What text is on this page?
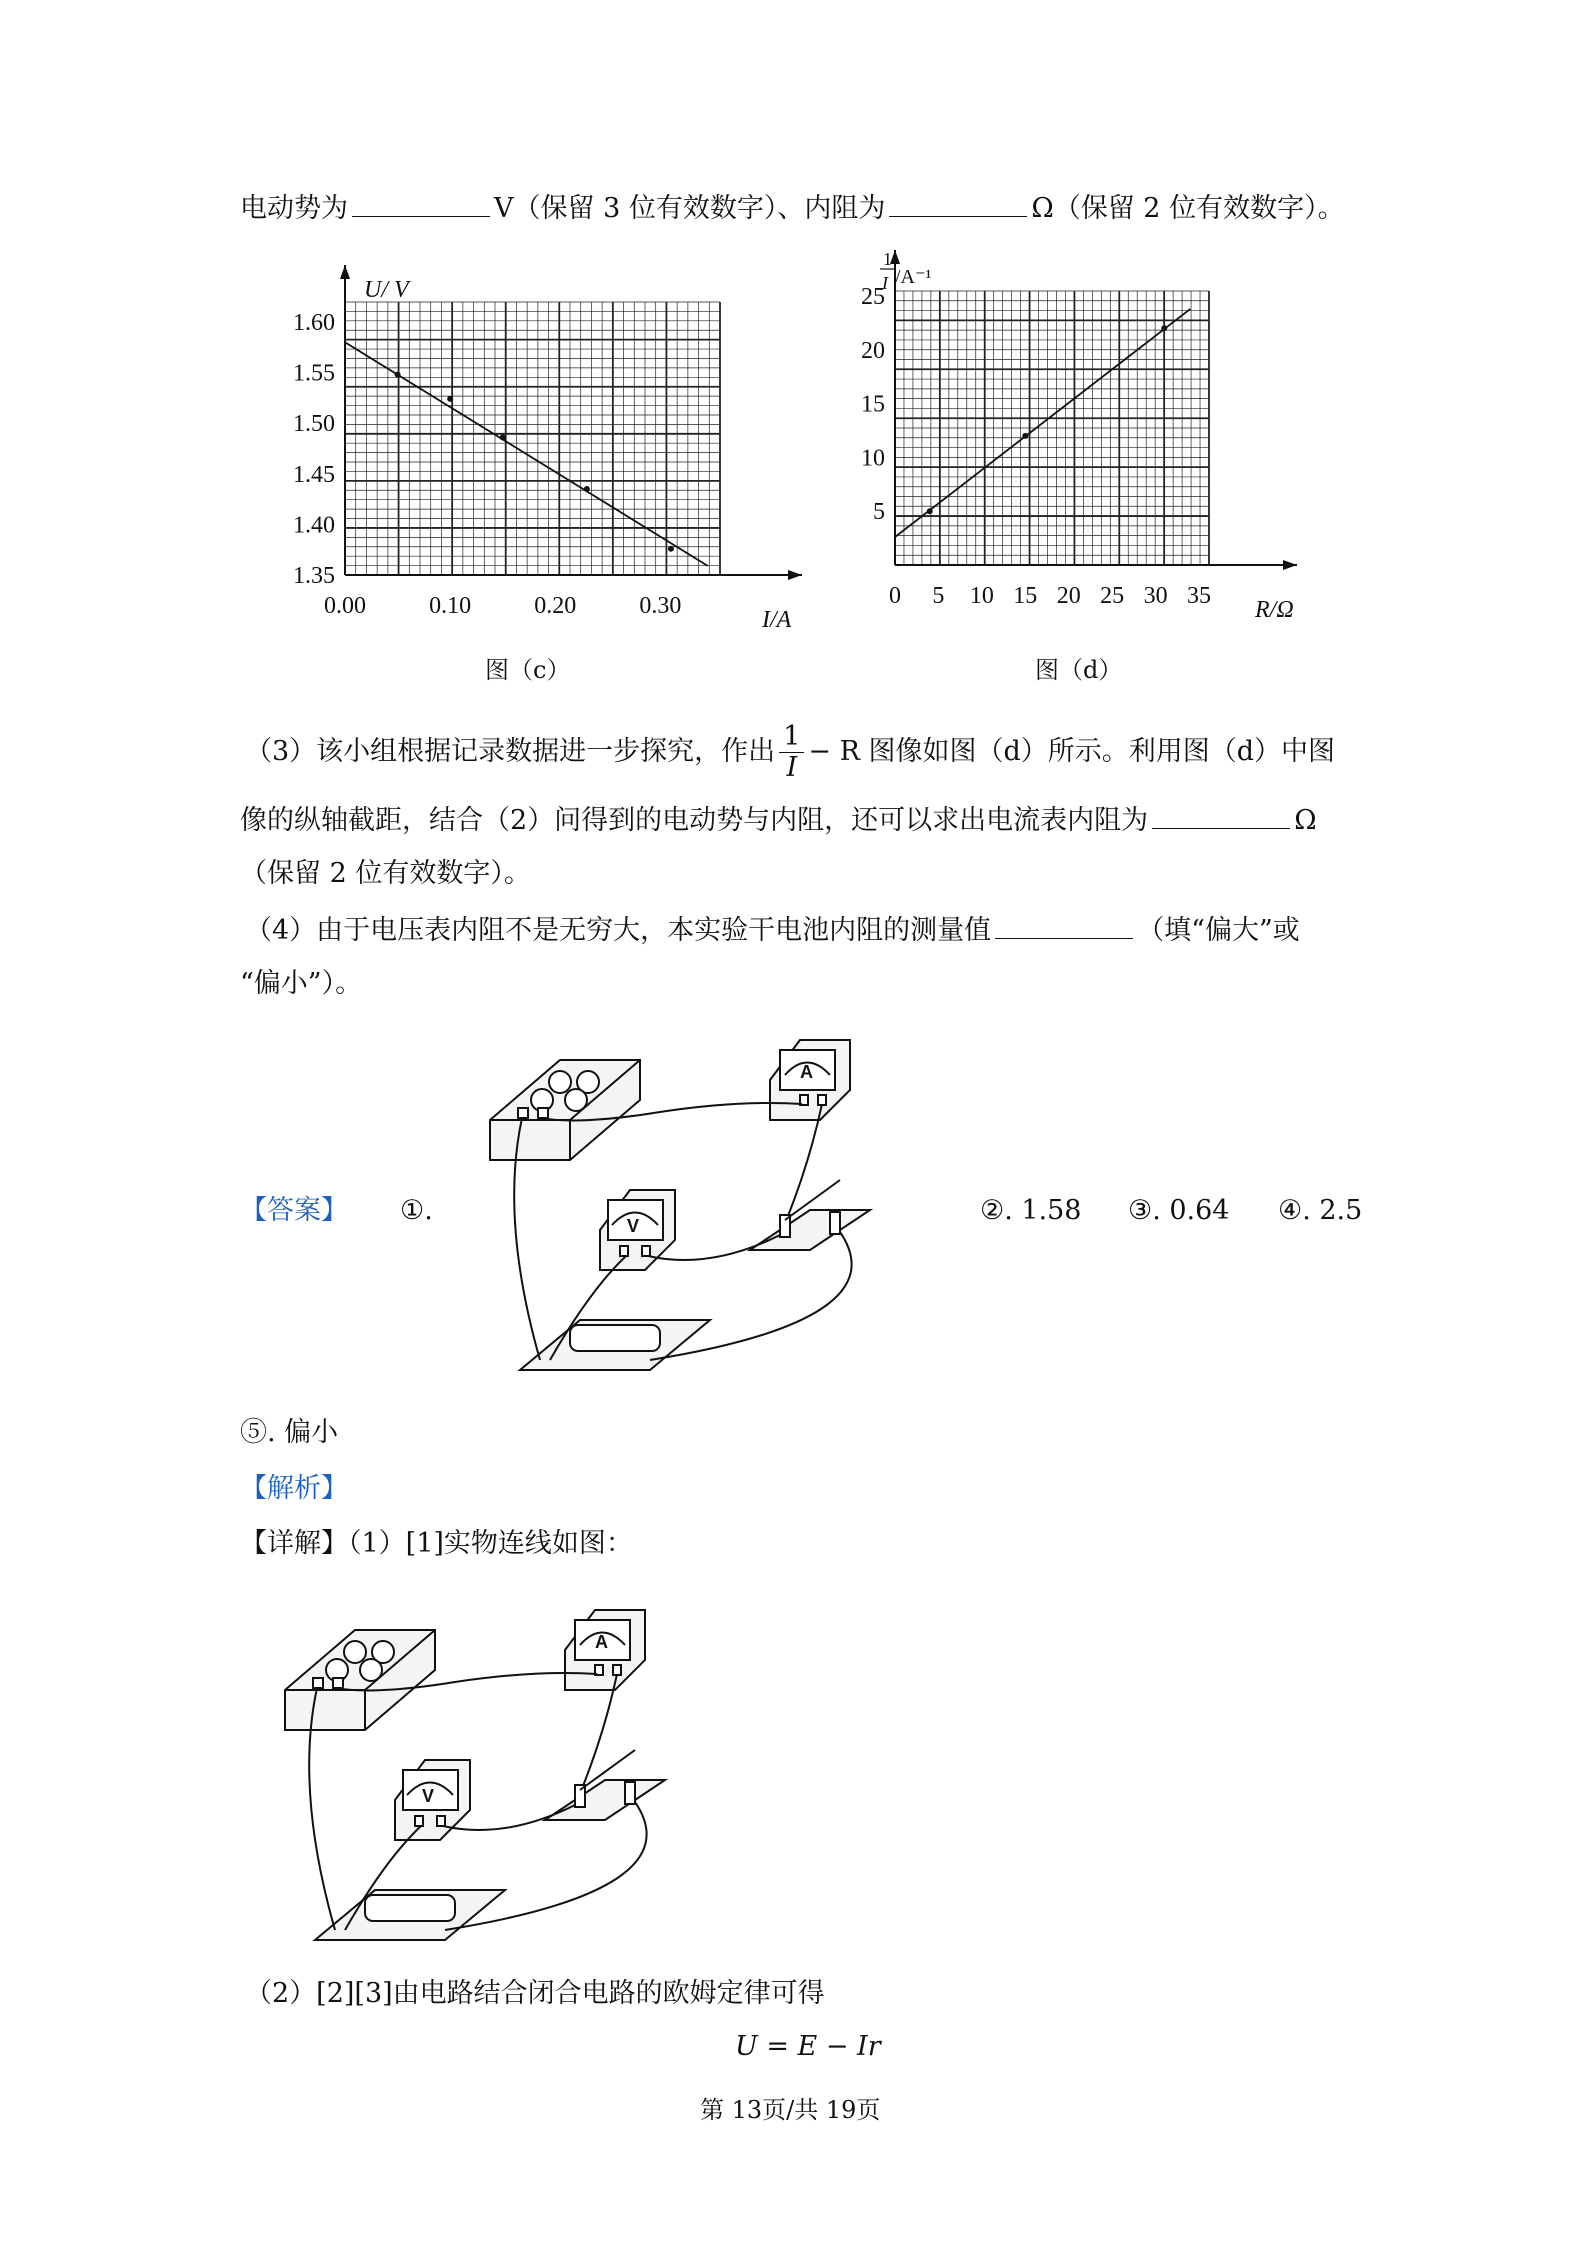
电动势为	V（保留 3 位有效数字）、内阻为	Ω（保留 2 位有效数字）。
U/ V
I/A
1.60
1.55
1.50
1.45
1.40
1.35
0.00	0.10	0.20	0.30
图（c）
1
I /A⁻¹
R/Ω
25
20
15
10
5
0 5 10 15 20 25 30 35
图（d）
（3）该小组根据记录数据进一步探究，作出 $\frac{1}{I} - R$ 图像如图（d）所示。利用图（d）中图
像的纵轴截距，结合（2）问得到的电动势与内阻，还可以求出电流表内阻为	Ω
（保留 2 位有效数字）。
（4）由于电压表内阻不是无穷大，本实验干电池内阻的测量值	（填“偏大”或
“偏小”）。
【答案】 ①.	②. 1.58 ③. 0.64 ④. 2.5
A
V
⑤. 偏小
【解析】
【详解】（1）[1]实物连线如图：
A
V
（2）[2][3]由电路结合闭合电路的欧姆定律可得
U = E − Ir
第 13页/共 19页
